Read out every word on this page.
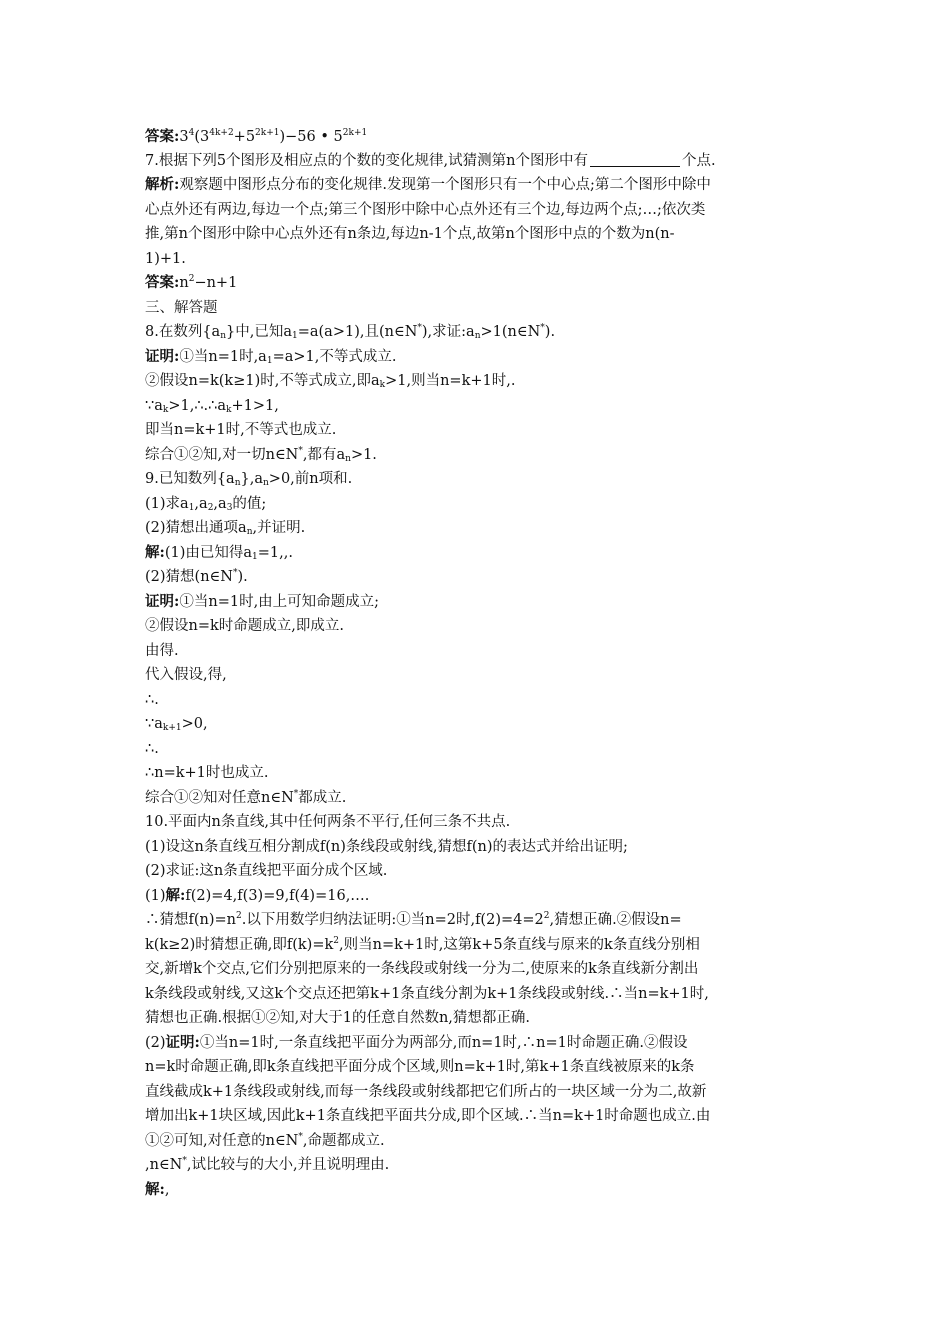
答案$:3^4(3^{4k+2}+5^{2k+1})-56$ • $5^{2k+1}$
7.根据下列5个图形及相应点的个数的变化规律,试猜测第n个图形中有	个点.
解析:观察题中图形点分布的变化规律.发现第一个图形只有一个中心点;第二个图形中除中
心点外还有两边,每边一个点;第三个图形中除中心点外还有三个边,每边两个点;…;依次类
推,第n个图形中除中心点外还有n条边,每边n-1个点,故第n个图形中点的个数为n(n-
1)+1.
答案$:n^2-n+1$
三、解答题
8.在数列$\{a_n\}$中,已知$a_1=a(a>1)$,且(n∈N*),求证$:a_n>1(n\in N^*)$.
证明:①当n=1时$,a_1=a>1$,不等式成立.
②假设n=k(k≥1)时,不等式成立,即$a_k>1$,则当n=k+1时,.
$\because a_k>1,\therefore.\therefore a_k+1>1$,
即当n=k+1时,不等式也成立.
综合①②知,对一切n∈N*,都有$a_n>1$.
9.已知数列$\{a_n\},a_n>0$,前n项和.
(1)求$a_1,a_2,a_3$的值;
(2)猜想出通项$a_n$,并证明.
解:(1)由已知得$a_1=1$,,.
(2)猜想(n∈N*).
证明:①当n=1时,由上可知命题成立;
②假设n=k时命题成立,即成立.
由得.
代入假设,得,
∴.
$\because a_{k+1}>0$,
∴.
∴n=k+1时也成立.
综合①②知对任意n∈N*都成立.
10.平面内n条直线,其中任何两条不平行,任何三条不共点.
(1)设这n条直线互相分割成f(n)条线段或射线,猜想f(n)的表达式并给出证明;
(2)求证:这n条直线把平面分成个区域.
(1)解:f(2)=4,f(3)=9,f(4)=16,….
∴猜想$f(n)=n^2$.以下用数学归纳法证明:①当n=2时$,f(2)=4=2^2$,猜想正确.②假设n=
k(k≥2)时猜想正确,即$f(k)=k^2$,则当n=k+1时,这第k+5条直线与原来的k条直线分别相
交,新增k个交点,它们分别把原来的一条线段或射线一分为二,使原来的k条直线新分割出
k条线段或射线,又这k个交点还把第k+1条直线分割为k+1条线段或射线.∴当n=k+1时,
猜想也正确.根据①②知,对大于1的任意自然数n,猜想都正确.
(2)证明:①当n=1时,一条直线把平面分为两部分,而n=1时,∴n=1时命题正确.②假设
n=k时命题正确,即k条直线把平面分成个区域,则n=k+1时,第k+1条直线被原来的k条
直线截成k+1条线段或射线,而每一条线段或射线都把它们所占的一块区域一分为二,故新
增加出k+1块区域,因此k+1条直线把平面共分成,即个区域.∴当n=k+1时命题也成立.由
①②可知,对任意的n∈N*,命题都成立.
,n∈N*,试比较与的大小,并且说明理由.
解:,
